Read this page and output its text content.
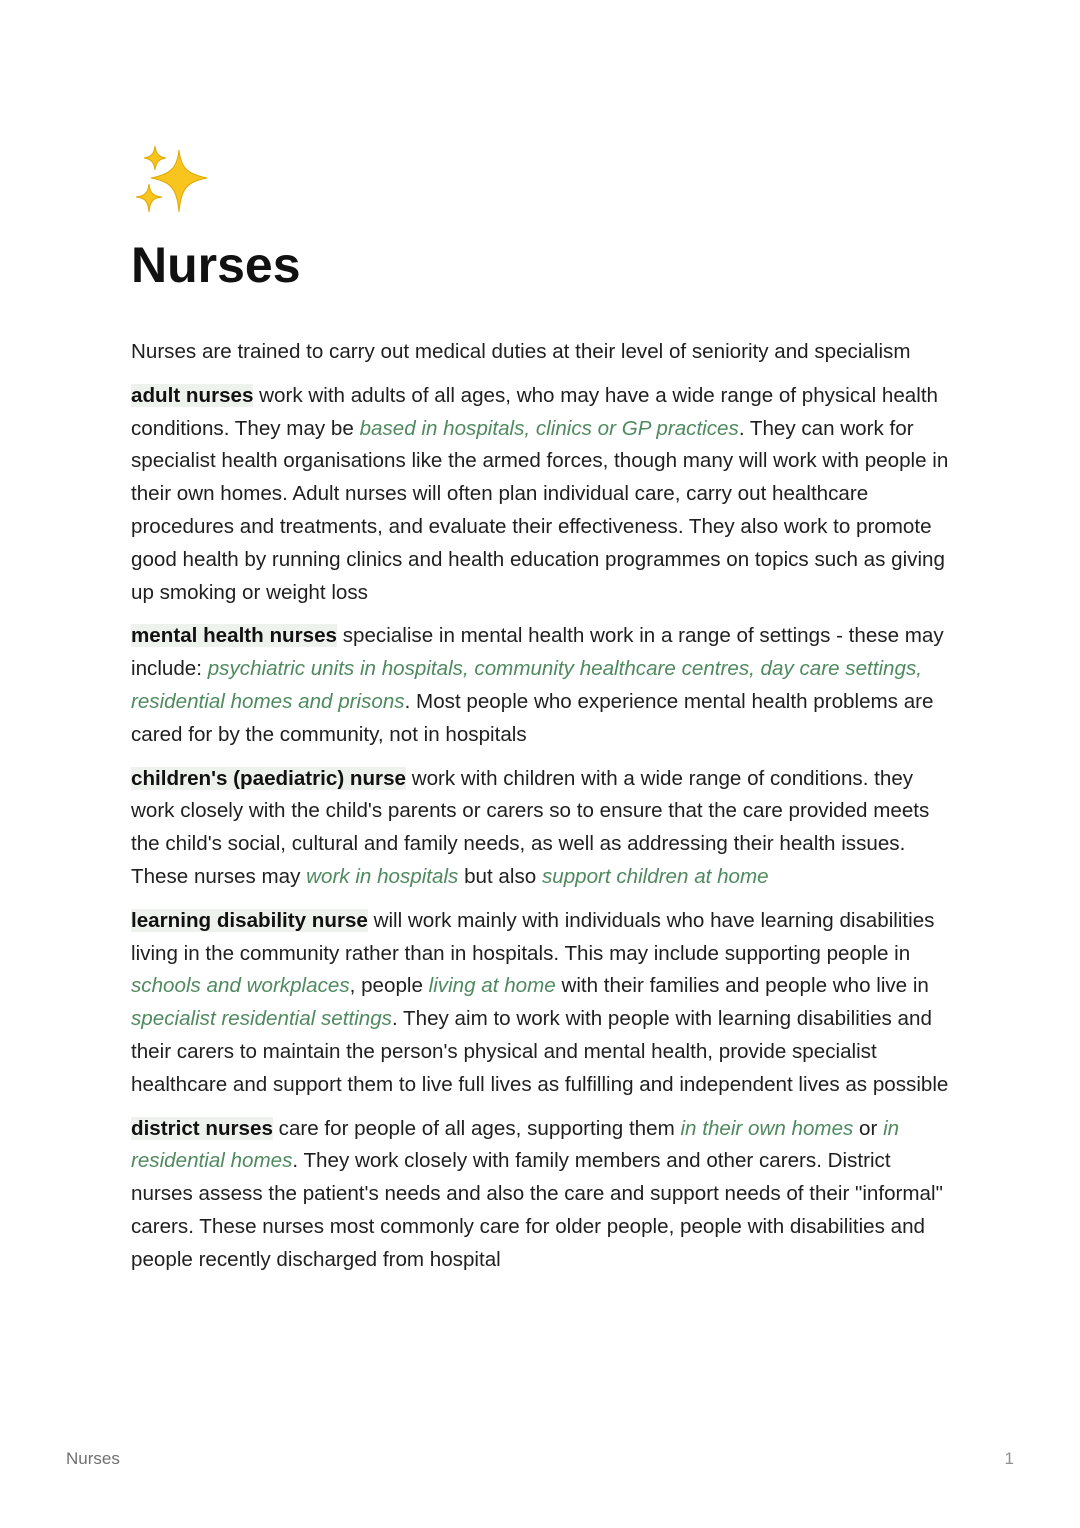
Nurses

Nurses are trained to carry out medical duties at their level of seniority and specialism

adult nurses work with adults of all ages, who may have a wide range of physical health conditions. They may be based in hospitals, clinics or GP practices. They can work for specialist health organisations like the armed forces, though many will work with people in their own homes. Adult nurses will often plan individual care, carry out healthcare procedures and treatments, and evaluate their effectiveness. They also work to promote good health by running clinics and health education programmes on topics such as giving up smoking or weight loss

mental health nurses specialise in mental health work in a range of settings - these may include: psychiatric units in hospitals, community healthcare centres, day care settings, residential homes and prisons. Most people who experience mental health problems are cared for by the community, not in hospitals

children's (paediatric) nurse work with children with a wide range of conditions. they work closely with the child's parents or carers so to ensure that the care provided meets the child's social, cultural and family needs, as well as addressing their health issues. These nurses may work in hospitals but also support children at home

learning disability nurse will work mainly with individuals who have learning disabilities living in the community rather than in hospitals. This may include supporting people in schools and workplaces, people living at home with their families and people who live in specialist residential settings. They aim to work with people with learning disabilities and their carers to maintain the person's physical and mental health, provide specialist healthcare and support them to live full lives as fulfilling and independent lives as possible

district nurses care for people of all ages, supporting them in their own homes or in residential homes. They work closely with family members and other carers. District nurses assess the patient's needs and also the care and support needs of their "informal" carers. These nurses most commonly care for older people, people with disabilities and people recently discharged from hospital

Nurses	1
